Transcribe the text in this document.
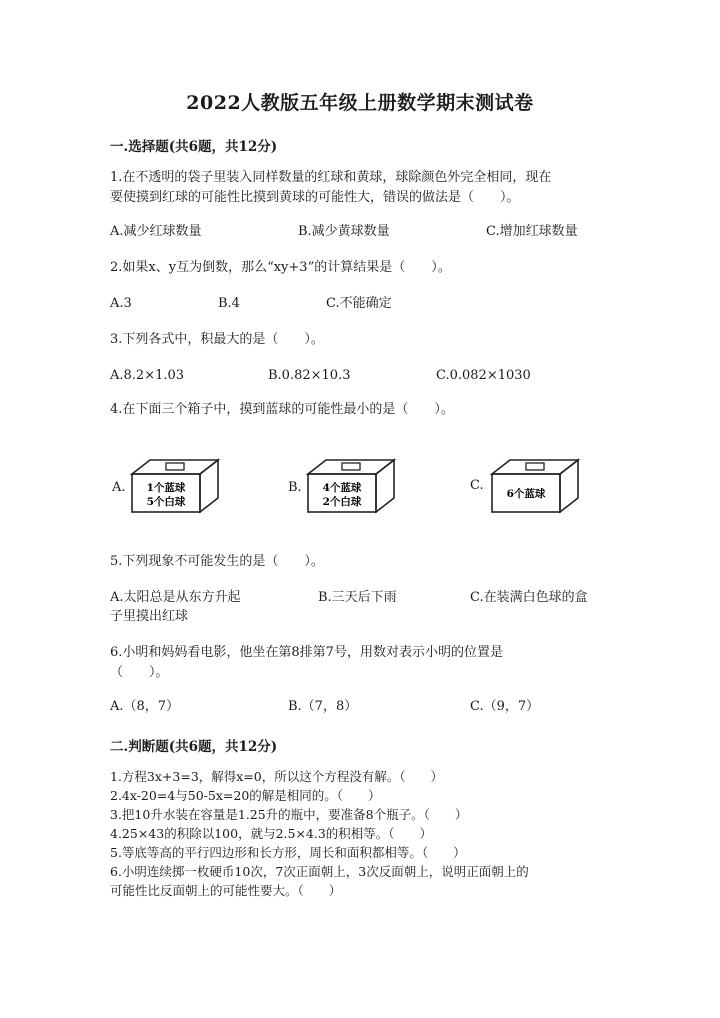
2022人教版五年级上册数学期末测试卷
一.选择题(共6题，共12分)
1.在不透明的袋子里装入同样数量的红球和黄球，球除颜色外完全相同，现在
要使摸到红球的可能性比摸到黄球的可能性大，错误的做法是（　　）。
A.减少红球数量	B.减少黄球数量	C.增加红球数量
2.如果x、y互为倒数，那么“xy+3”的计算结果是（　　）。
A.3	B.4	C.不能确定
3.下列各式中，积最大的是（　　）。
A.8.2×1.03	B.0.82×10.3	C.0.082×1030
4.在下面三个箱子中，摸到蓝球的可能性最小的是（　　）。
A. 1个蓝球
5个白球
B. 4个蓝球
2个白球
C.
6个蓝球
5.下列现象不可能发生的是（　　）。
A.太阳总是从东方升起	B.三天后下雨	C.在装满白色球的盒
子里摸出红球
6.小明和妈妈看电影，他坐在第8排第7号，用数对表示小明的位置是
（　　）。
A.（8，7）	B.（7，8）	C.（9，7）
二.判断题(共6题，共12分)
1.方程3x+3=3，解得x=0，所以这个方程没有解。（　　）
2.4x-20=4与50-5x=20的解是相同的。（　　）
3.把10升水装在容量是1.25升的瓶中，要准备8个瓶子。（　　）
4.25×43的积除以100，就与2.5×4.3的积相等。（　　）
5.等底等高的平行四边形和长方形，周长和面积都相等。（　　）
6.小明连续掷一枚硬币10次，7次正面朝上，3次反面朝上，说明正面朝上的
可能性比反面朝上的可能性要大。（　　）
